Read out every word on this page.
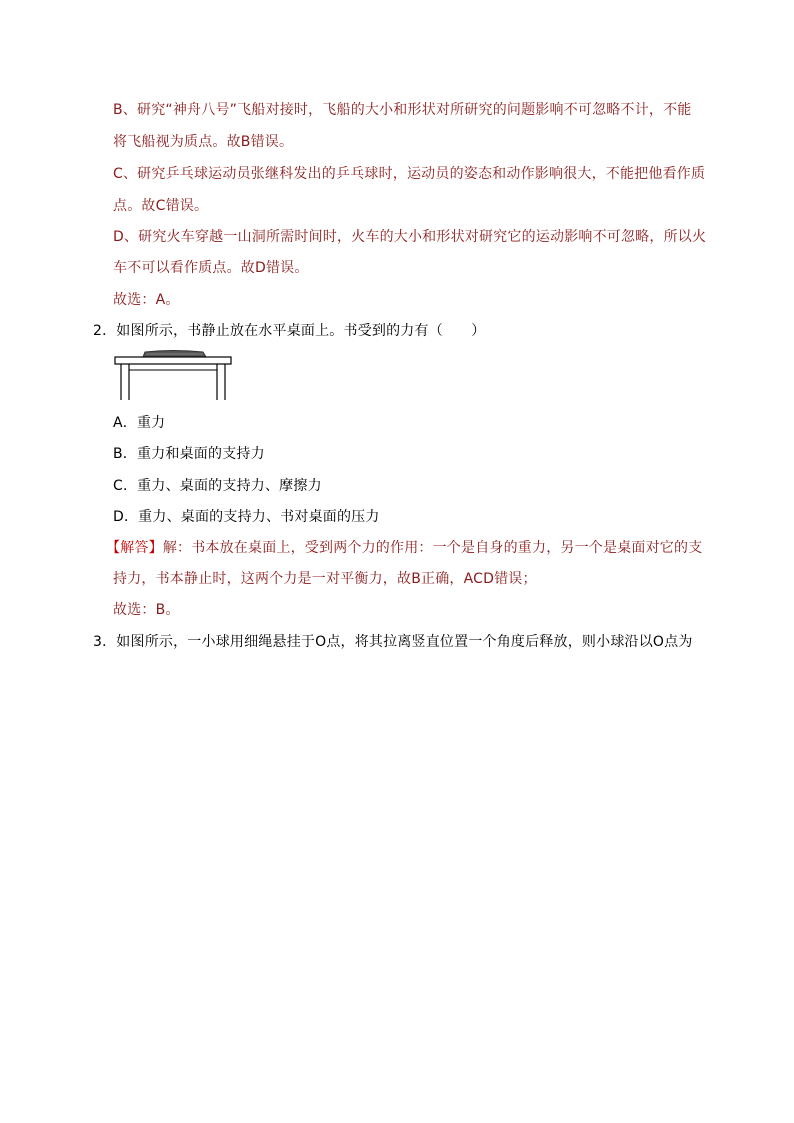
B、研究“神舟八号”飞船对接时，飞船的大小和形状对所研究的问题影响不可忽略不计，不能
将飞船视为质点。故B错误。
C、研究乒乓球运动员张继科发出的乒乓球时，运动员的姿态和动作影响很大，不能把他看作质
点。故C错误。
D、研究火车穿越一山洞所需时间时，火车的大小和形状对研究它的运动影响不可忽略，所以火
车不可以看作质点。故D错误。
故选：A。
2．如图所示，书静止放在水平桌面上。书受到的力有（　　）
A．重力
B．重力和桌面的支持力
C．重力、桌面的支持力、摩擦力
D．重力、桌面的支持力、书对桌面的压力
【解答】解：书本放在桌面上，受到两个力的作用：一个是自身的重力，另一个是桌面对它的支
持力，书本静止时，这两个力是一对平衡力，故B正确，ACD错误；
故选：B。
3．如图所示，一小球用细绳悬挂于O点，将其拉离竖直位置一个角度后释放，则小球沿以O点为
